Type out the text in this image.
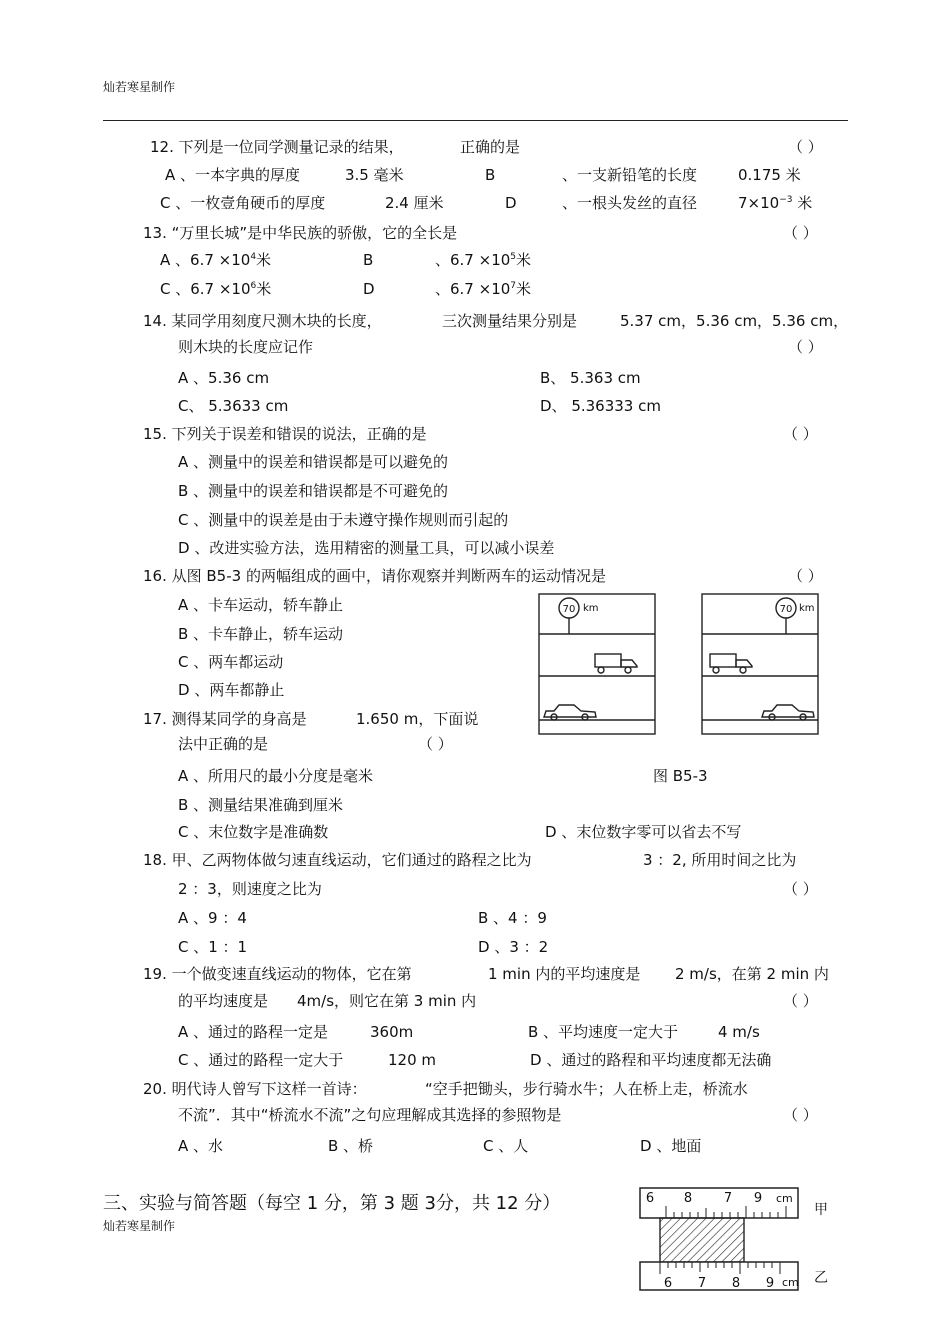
灿若寒星制作
12. 下列是一位同学测量记录的结果，	正确的是	（ ）
A 、一本字典的厚度	3.5 毫米	B	、一支新铅笔的长度	0.175 米
C 、一枚壹角硬币的厚度	2.4 厘米	D	、一根头发丝的直径	$7\times 10^{-3}$ 米
13. “万里长城”是中华民族的骄傲，它的全长是	（ ）
A 、$6.7 \times 10^4$米	B	、$6.7 \times 10^5$米
C 、$6.7 \times 10^6$米	D	、$6.7 \times 10^7$米
14. 某同学用刻度尺测木块的长度，	三次测量结果分别是	5.37 cm，5.36 cm，5.36 cm，
则木块的长度应记作	（ ）
A 、5.36 cm	B、 5.363 cm
C、 5.3633 cm	D、 5.36333 cm
15. 下列关于误差和错误的说法，正确的是	（ ）
A 、测量中的误差和错误都是可以避免的
B 、测量中的误差和错误都是不可避免的
C 、测量中的误差是由于未遵守操作规则而引起的
D 、改进实验方法，选用精密的测量工具，可以减小误差
16. 从图 B5-3 的两幅组成的画中，请你观察并判断两车的运动情况是	（ ）
A 、卡车运动，轿车静止
B 、卡车静止，轿车运动
C 、两车都运动
D 、两车都静止
70 km	70 km
图 B5-3
17. 测得某同学的身高是	1.650 m，下面说
法中正确的是	（ ）
A 、所用尺的最小分度是毫米
B 、测量结果准确到厘米
C 、末位数字是准确数	D 、末位数字零可以省去不写
18. 甲、乙两物体做匀速直线运动，它们通过的路程之比为	3 ：2, 所用时间之比为
2 ：3，则速度之比为	（ ）
A 、9 ：4	B 、4 ：9
C 、1 ：1	D 、3 ：2
19. 一个做变速直线运动的物体，它在第	1 min 内的平均速度是 2 m/s，在第 2 min 内
的平均速度是 4m/s，则它在第 3 min 内	（ ）
A 、通过的路程一定是	360m	B 、平均速度一定大于	4 m/s
C 、通过的路程一定大于	120 m	D 、通过的路程和平均速度都无法确
20. 明代诗人曾写下这样一首诗：	“空手把锄头，步行骑水牛；人在桥上走，桥流水
不流”．其中“桥流水不流”之句应理解成其选择的参照物是	（ ）
A 、水	B 、桥	C 、人	D 、地面
三、实验与简答题（每空 1 分，第 3 题 3分，共 12 分）
灿若寒星制作
6 8 7 9 cm
甲
6 7 8 9 cm 乙
